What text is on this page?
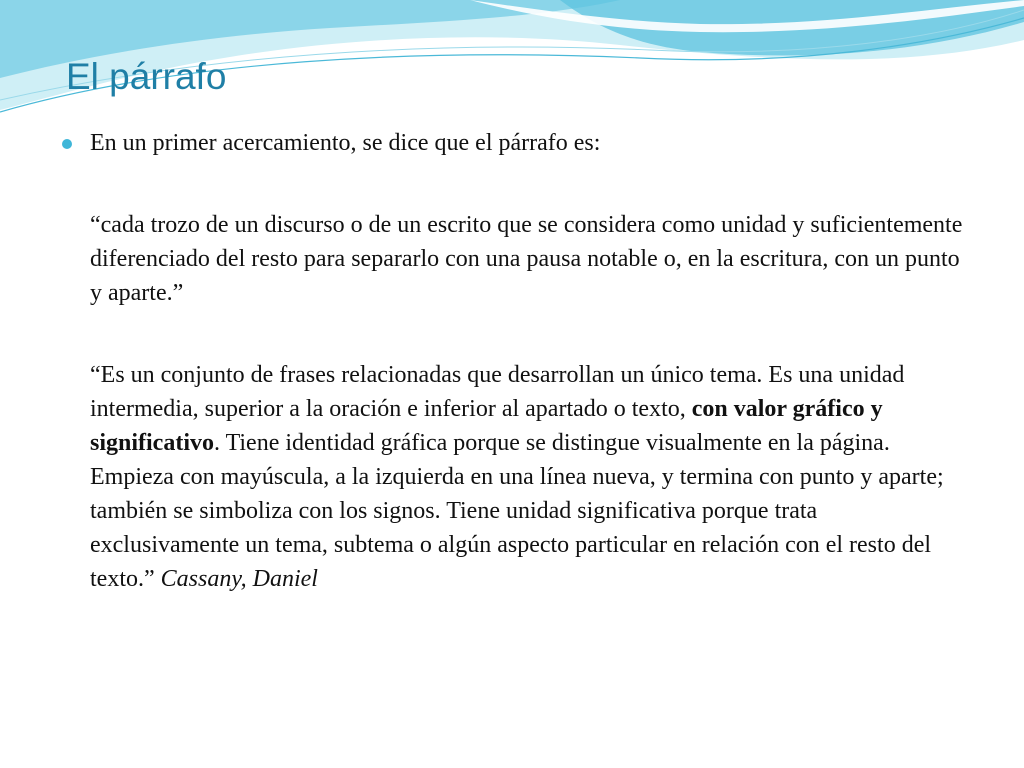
El párrafo
En un primer acercamiento, se dice que el párrafo es:

“cada trozo de un discurso o de un escrito que se considera como unidad y suficientemente diferenciado del resto para separarlo con una pausa notable o, en la escritura, con un punto y aparte.”

“Es un conjunto de frases relacionadas que desarrollan un único tema. Es una unidad intermedia, superior a la oración e inferior al apartado o texto, con valor gráfico y significativo. Tiene identidad gráfica porque se distingue visualmente en la página. Empieza con mayúscula, a la izquierda en una línea nueva, y termina con punto y aparte; también se simboliza con los signos. Tiene unidad significativa porque trata exclusivamente un tema, subtema o algún aspecto particular en relación con el resto del texto.” Cassany, Daniel
